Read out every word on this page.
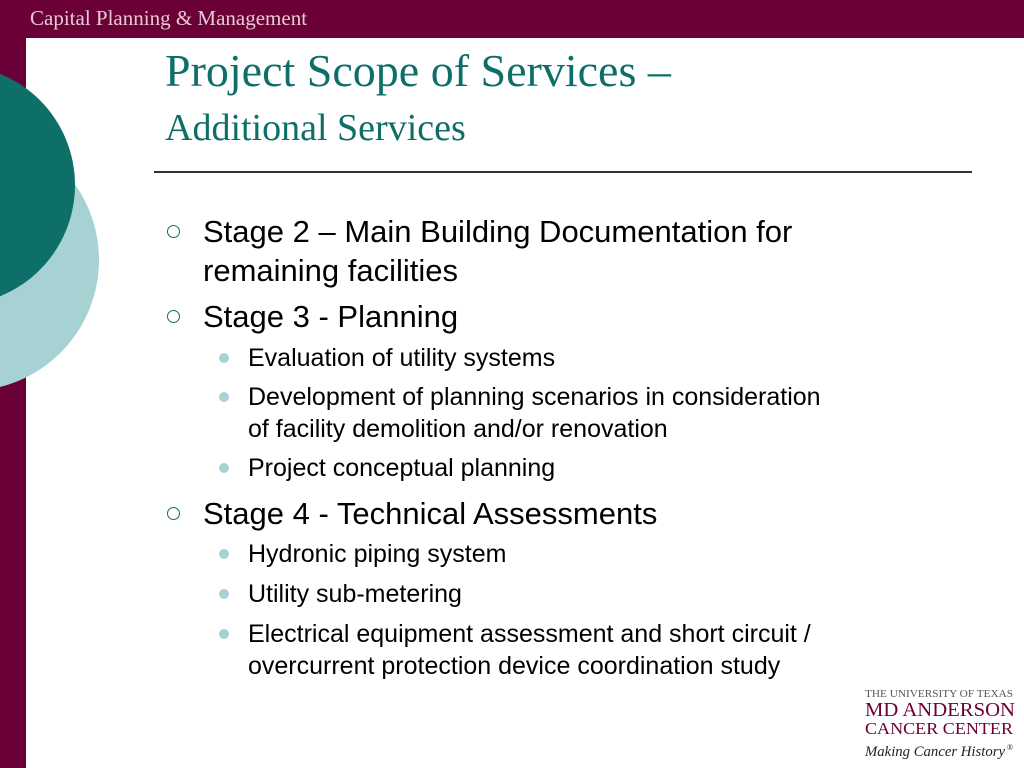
Capital Planning & Management
Project Scope of Services –
Additional Services
Stage 2 – Main Building Documentation for
remaining facilities
Stage 3 - Planning
Evaluation of utility systems
Development of planning scenarios in consideration
of facility demolition and/or renovation
Project conceptual planning
Stage 4 - Technical Assessments
Hydronic piping system
Utility sub-metering
Electrical equipment assessment and short circuit /
overcurrent protection device coordination study
THE UNIVERSITY OF TEXAS
MD ANDERSON
CANCER CENTER
Making Cancer History ®
